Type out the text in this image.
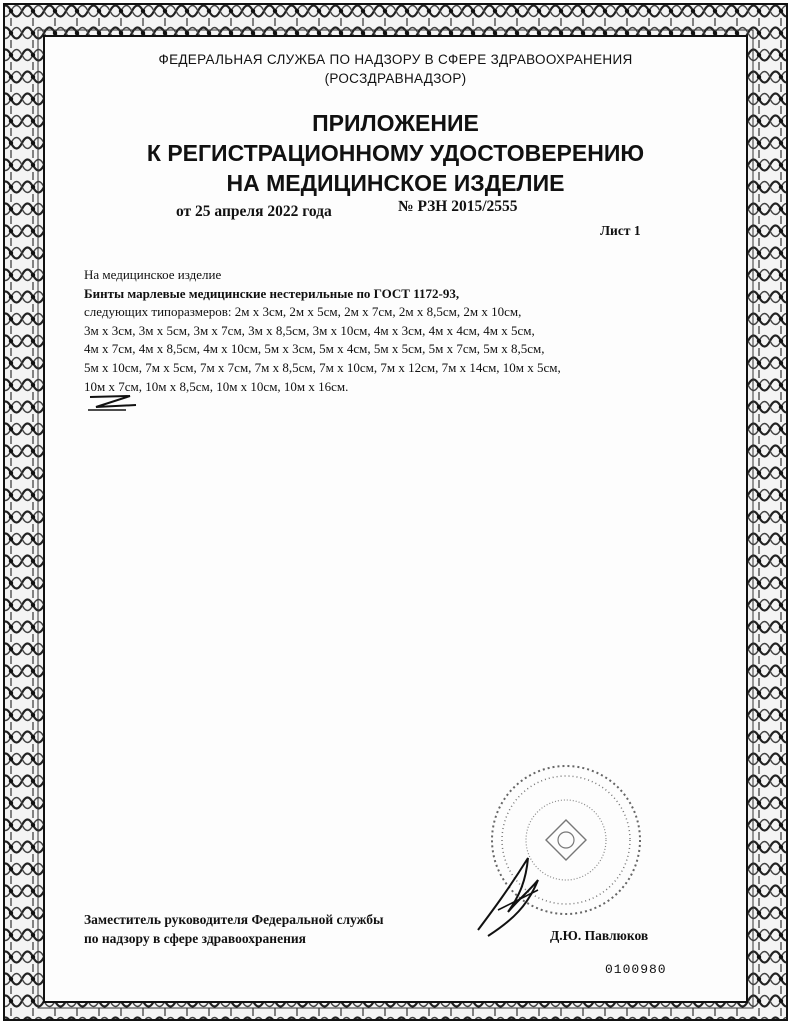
ФЕДЕРАЛЬНАЯ СЛУЖБА ПО НАДЗОРУ В СФЕРЕ ЗДРАВООХРАНЕНИЯ
(РОСЗДРАВНАДЗОР)
ПРИЛОЖЕНИЕ
К РЕГИСТРАЦИОННОМУ УДОСТОВЕРЕНИЮ
НА МЕДИЦИНСКОЕ ИЗДЕЛИЕ
от 25 апреля 2022 года	№ РЗН 2015/2555
Лист 1
На медицинское изделие
Бинты марлевые медицинские нестерильные по ГОСТ 1172-93,
следующих типоразмеров: 2м х 3см, 2м х 5см, 2м х 7см, 2м х 8,5см, 2м х 10см,
3м х 3см, 3м х 5см, 3м х 7см, 3м х 8,5см, 3м х 10см, 4м х 3см, 4м х 4см, 4м х 5см,
4м х 7см, 4м х 8,5см, 4м х 10см, 5м х 3см, 5м х 4см, 5м х 5см, 5м х 7см, 5м х 8,5см,
5м х 10см, 7м х 5см, 7м х 7см, 7м х 8,5см, 7м х 10см, 7м х 12см, 7м х 14см, 10м х 5см,
10м х 7см, 10м х 8,5см, 10м х 10см, 10м х 16см.
Заместитель руководителя Федеральной службы
по надзору в сфере здравоохранения	Д.Ю. Павлюков
0100980
